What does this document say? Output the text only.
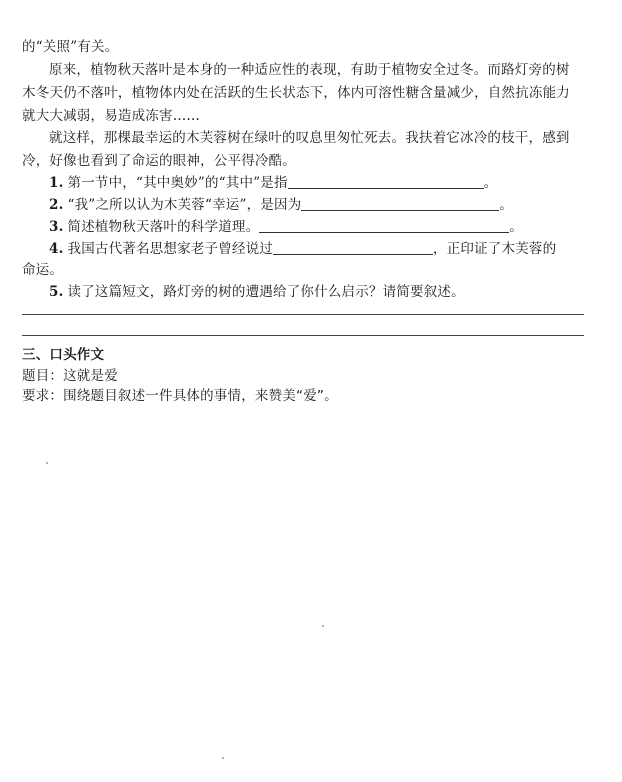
的“关照”有关。
原来，植物秋天落叶是本身的一种适应性的表现，有助于植物安全过冬。而路灯旁的树
木冬天仍不落叶，植物体内处在活跃的生长状态下，体内可溶性糖含量减少，自然抗冻能力
就大大减弱，易造成冻害……
就这样，那棵最幸运的木芙蓉树在绿叶的叹息里匆忙死去。我扶着它冰冷的枝干，感到
冷，好像也看到了命运的眼神，公平得冷酷。
1. 第一节中，“其中奥妙”的“其中”是指	。
2. “我”之所以认为木芙蓉“幸运”，是因为	。
3. 简述植物秋天落叶的科学道理。	。
4. 我国古代著名思想家老子曾经说过	，正印证了木芙蓉的
命运。
5. 读了这篇短文，路灯旁的树的遭遇给了你什么启示？请简要叙述。
三、口头作文
题目：这就是爱
要求：围绕题目叙述一件具体的事情，来赞美“爱”。
